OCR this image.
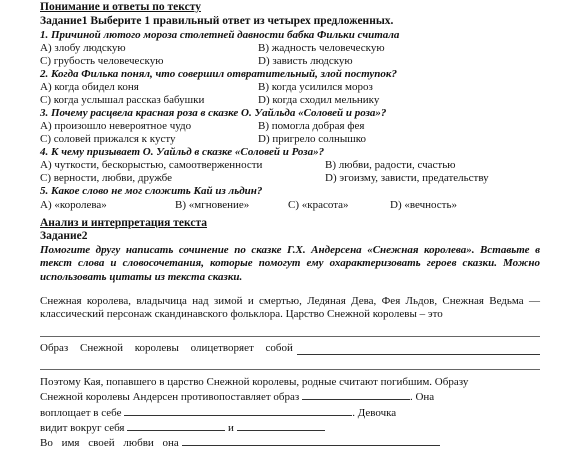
Понимание и ответы по тексту
Задание1 Выберите 1 правильный ответ из четырех предложенных.
1. Причиной лютого мороза столетней давности бабка Фильки считала
А) злобу людскую	В) жадность человеческую
С) грубость человеческую	D) зависть людскую
2. Когда Филька понял, что совершил отвратительный, злой поступок?
А) когда обидел коня	В) когда усилился мороз
С) когда услышал рассказ бабушки	D) когда сходил мельнику
3. Почему расцвела красная роза в сказке О. Уайльда «Соловей и роза»?
А) произошло невероятное чудо	В) помогла добрая фея
С) соловей прижался к кусту	D) пригрело солнышко
4. К чему призывает О. Уайльд в сказке «Соловей и Роза»?
А) чуткости, бескорыстью, самоотверженности	В) любви, радости, счастью
С) верности, любви, дружбе	D) эгоизму, зависти, предательству
5. Какое слово не мог сложить Кай из льдин?
А) «королева»	В) «мгновение»	С) «красота»	D) «вечность»
Анализ и интерпретация текста
Задание2
Помогите другу написать сочинение по сказке Г.Х. Андерсена «Снежная королева». Вставьте в текст слова и словосочетания, которые помогут ему охарактеризовать героев сказки. Можно использовать цитаты из текста сказки.
Снежная королева, владычица над зимой и смертью, Ледяная Дева, Фея Льдов, Снежная Ведьма — классический персонаж скандинавского фольклора. Царство Снежной королевы – это
Образ Снежной королевы олицетворяет собой
Поэтому Кая, попавшего в царство Снежной королевы, родные считают погибшим. Образу
Снежной королевы Андерсен противопоставляет образ	. Она
воплощает в себе	. Девочка
видит вокруг себя	и
Во имя своей любви она
